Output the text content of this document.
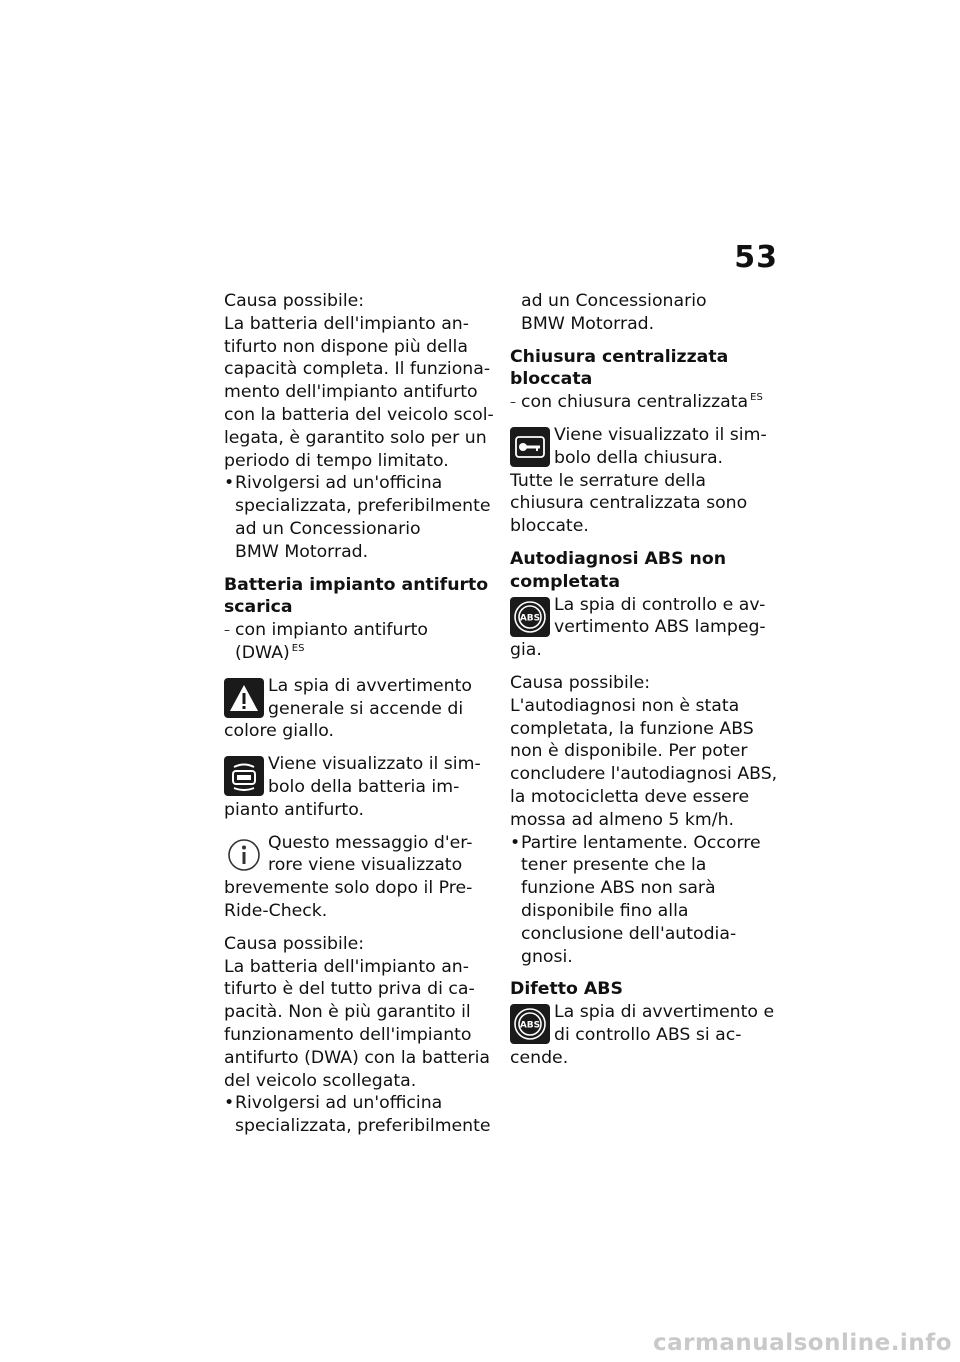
53

Causa possibile:

La batteria dell'impianto an-tifurto non dispone più della capacità completa. Il funziona-mento dell'impianto antifurto con la batteria del veicolo scol-legata, è garantito solo per un periodo di tempo limitato.

• Rivolgersi ad un'officina specializzata, preferibilmente ad un Concessionario
BMW Motorrad.

Batteria impianto antifurto scarica

– con impianto antifurto (DWA) $^{ES}$
La spia di avvertimento generale si accende di colore giallo.
Viene visualizzato il sim-bolo della batteria im-pianto antifurto.
Questo messaggio d'er-rore viene visualizzato brevemente solo dopo il Pre-Ride-Check.

Causa possibile:

La batteria dell'impianto an-tifurto è del tutto priva di ca-pacità. Non è più garantito il funzionamento dell'impianto antifurto (DWA) con la batteria del veicolo scollegata.

• Rivolgersi ad un'officina specializzata, preferibilmente
ad un Concessionario
BMW Motorrad.

Chiusura centralizzata bloccata

– con chiusura centralizzata $^{ES}$
Viene visualizzato il sim-bolo della chiusura.

Tutte le serrature della chiusura centralizzata sono bloccate.

Autodiagnosi ABS non completata

ABS
La spia di controllo e av-vertimento ABS lampeg-gia.

Causa possibile:

L'autodiagnosi non è stata completata, la funzione ABS non è disponibile. Per poter concludere l'autodiagnosi ABS, la motocicletta deve essere mossa ad almeno 5 km/h.

• Partire lentamente. Occorre tener presente che la funzione ABS non sarà disponibile fino alla conclusione dell'autodia-gnosi.

Difetto ABS

ABS
La spia di avvertimento e di controllo ABS si ac-cende.
carmanualsonline.info
